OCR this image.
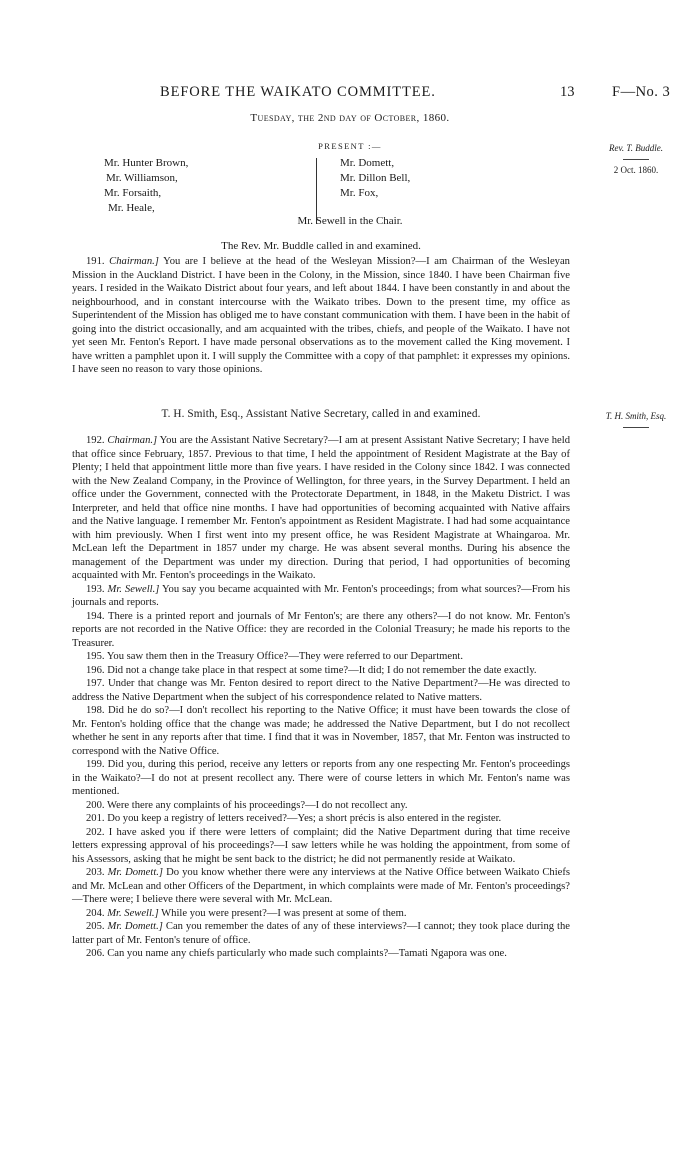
BEFORE THE WAIKATO COMMITTEE.	13	F—No. 3
Tuesday, the 2nd day of October, 1860.
PRESENT :—
Mr. Hunter Brown,
Mr. Williamson,
Mr. Forsaith,
Mr. Heale,
Mr. Domett,
Mr. Dillon Bell,
Mr. Fox,
Mr. Sewell in the Chair.
Rev. T. Buddle.
2 Oct. 1860.
The Rev. Mr. Buddle called in and examined.

191. Chairman.] You are I believe at the head of the Wesleyan Mission?—I am Chairman of the Wesleyan Mission in the Auckland District. I have been in the Colony, in the Mission, since 1840. I have been Chairman five years. I resided in the Waikato District about four years, and left about 1844. I have been constantly in and about the neighbourhood, and in constant intercourse with the Waikato tribes. Down to the present time, my office as Superintendent of the Mission has obliged me to have constant communication with them. I have been in the habit of going into the district occasionally, and am acquainted with the tribes, chiefs, and people of the Waikato. I have not yet seen Mr. Fenton's Report. I have made personal observations as to the movement called the King movement. I have written a pamphlet upon it. I will supply the Committee with a copy of that pamphlet: it expresses my opinions. I have seen no reason to vary those opinions.

T. H. Smith, Esq., Assistant Native Secretary, called in and examined.	T. H. Smith, Esq.

192. Chairman.] You are the Assistant Native Secretary?—I am at present Assistant Native Secretary; I have held that office since February, 1857. Previous to that time, I held the appointment of Resident Magistrate at the Bay of Plenty; I held that appointment little more than five years. I have resided in the Colony since 1842. I was connected with the New Zealand Company, in the Province of Wellington, for three years, in the Survey Department. I held an office under the Government, connected with the Protectorate Department, in 1848, in the Maketu District. I was Interpreter, and held that office nine months. I have had opportunities of becoming acquainted with Native affairs and the Native language. I remember Mr. Fenton's appointment as Resident Magistrate. I had had some acquaintance with him previously. When I first went into my present office, he was Resident Magistrate at Whaingaroa. Mr. McLean left the Department in 1857 under my charge. He was absent several months. During his absence the management of the Department was under my direction. During that period, I had opportunities of becoming acquainted with Mr. Fenton's proceedings in the Waikato.

193. Mr. Sewell.] You say you became acquainted with Mr. Fenton's proceedings; from what sources?—From his journals and reports.

194. There is a printed report and journals of Mr Fenton's; are there any others?—I do not know. Mr. Fenton's reports are not recorded in the Native Office: they are recorded in the Colonial Treasury; he made his reports to the Treasurer.

195. You saw them then in the Treasury Office?—They were referred to our Department.

196. Did not a change take place in that respect at some time?—It did; I do not remember the date exactly.

197. Under that change was Mr. Fenton desired to report direct to the Native Department?—He was directed to address the Native Department when the subject of his correspondence related to Native matters.

198. Did he do so?—I don't recollect his reporting to the Native Office; it must have been towards the close of Mr. Fenton's holding office that the change was made; he addressed the Native Department, but I do not recollect whether he sent in any reports after that time. I find that it was in November, 1857, that Mr. Fenton was instructed to correspond with the Native Office.

199. Did you, during this period, receive any letters or reports from any one respecting Mr. Fenton's proceedings in the Waikato?—I do not at present recollect any. There were of course letters in which Mr. Fenton's name was mentioned.

200. Were there any complaints of his proceedings?—I do not recollect any.

201. Do you keep a registry of letters received?—Yes; a short précis is also entered in the register.

202. I have asked you if there were letters of complaint; did the Native Department during that time receive letters expressing approval of his proceedings?—I saw letters while he was holding the appointment, from some of his Assessors, asking that he might be sent back to the district; he did not permanently reside at Waikato.

203. Mr. Domett.] Do you know whether there were any interviews at the Native Office between Waikato Chiefs and Mr. McLean and other Officers of the Department, in which complaints were made of Mr. Fenton's proceedings?—There were; I believe there were several with Mr. McLean.

204. Mr. Sewell.] While you were present?—I was present at some of them.

205. Mr. Domett.] Can you remember the dates of any of these interviews?—I cannot; they took place during the latter part of Mr. Fenton's tenure of office.

206. Can you name any chiefs particularly who made such complaints?—Tamati Ngapora was one.
